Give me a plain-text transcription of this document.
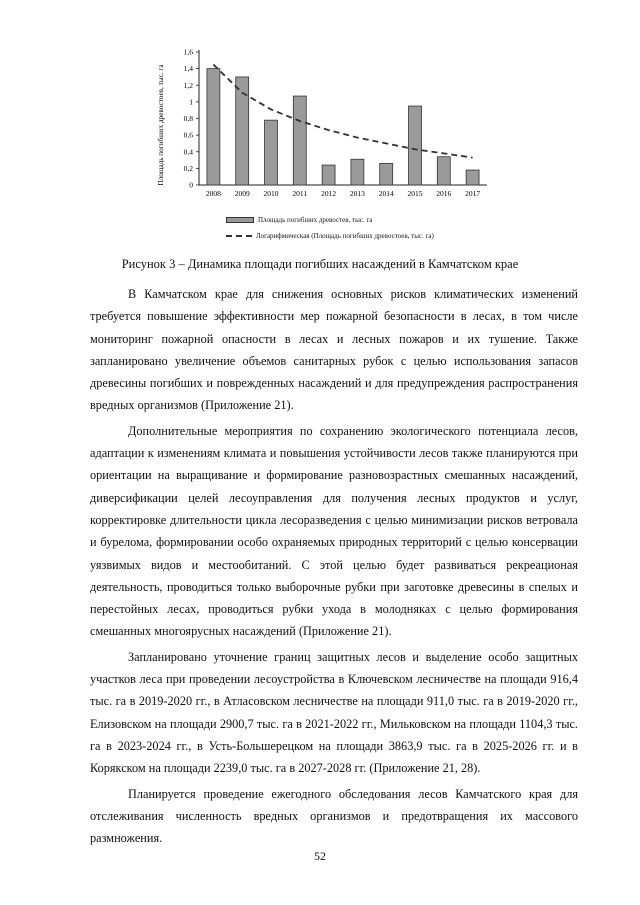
0
0,2
0,4
0,6
0,8
1
1,2
1,4
1,6
2008 2009 2010 2011 2012 2013 2014 2015 2016 2017
Площадь погибших древостоев, тыс. га
Площадь погибших древостев, тыс. га
Логарифмическая (Площадь погибших древостоев, тыс. га)
Рисунок 3 – Динамика площади погибших насаждений в Камчатском крае

В Камчатском крае для снижения основных рисков климатических изменений требуется повышение эффективности мер пожарной безопасности в лесах, в том числе мониторинг пожарной опасности в лесах и лесных пожаров и их тушение. Также запланировано увеличение объемов санитарных рубок с целью использования запасов древесины погибших и поврежденных насаждений и для предупреждения распространения вредных организмов (Приложение 21).

Дополнительные мероприятия по сохранению экологического потенциала лесов, адаптации к изменениям климата и повышения устойчивости лесов также планируются при ориентации на выращивание и формирование разновозрастных смешанных насаждений, диверсификации целей лесоуправления для получения лесных продуктов и услуг, корректировке длительности цикла лесоразведения с целью минимизации рисков ветровала и бурелома, формировании особо охраняемых природных территорий с целью консервации уязвимых видов и местообитаний. С этой целью будет развиваться рекреационая деятельность, проводиться только выборочные рубки при заготовке древесины в спелых и перестойных лесах, проводиться рубки ухода в молодняках с целью формирования смешанных многоярусных насаждений (Приложение 21).

Запланировано уточнение границ защитных лесов и выделение особо защитных участков леса при проведении лесоустройства в Ключевском лесничестве на площади 916,4 тыс. га в 2019-2020 гг., в Атласовском лесничестве на площади 911,0 тыс. га в 2019-2020 гг., Елизовском на площади 2900,7 тыс. га в 2021-2022 гг., Мильковском на площади 1104,3 тыс. га в 2023-2024 гг., в Усть-Большерецком на площади 3863,9 тыс. га в 2025-2026 гг. и в Корякском на площади 2239,0 тыс. га в 2027-2028 гг. (Приложение 21, 28).

Планируется проведение ежегодного обследования лесов Камчатского края для отслеживания численность вредных организмов и предотвращения их массового размножения.

52
